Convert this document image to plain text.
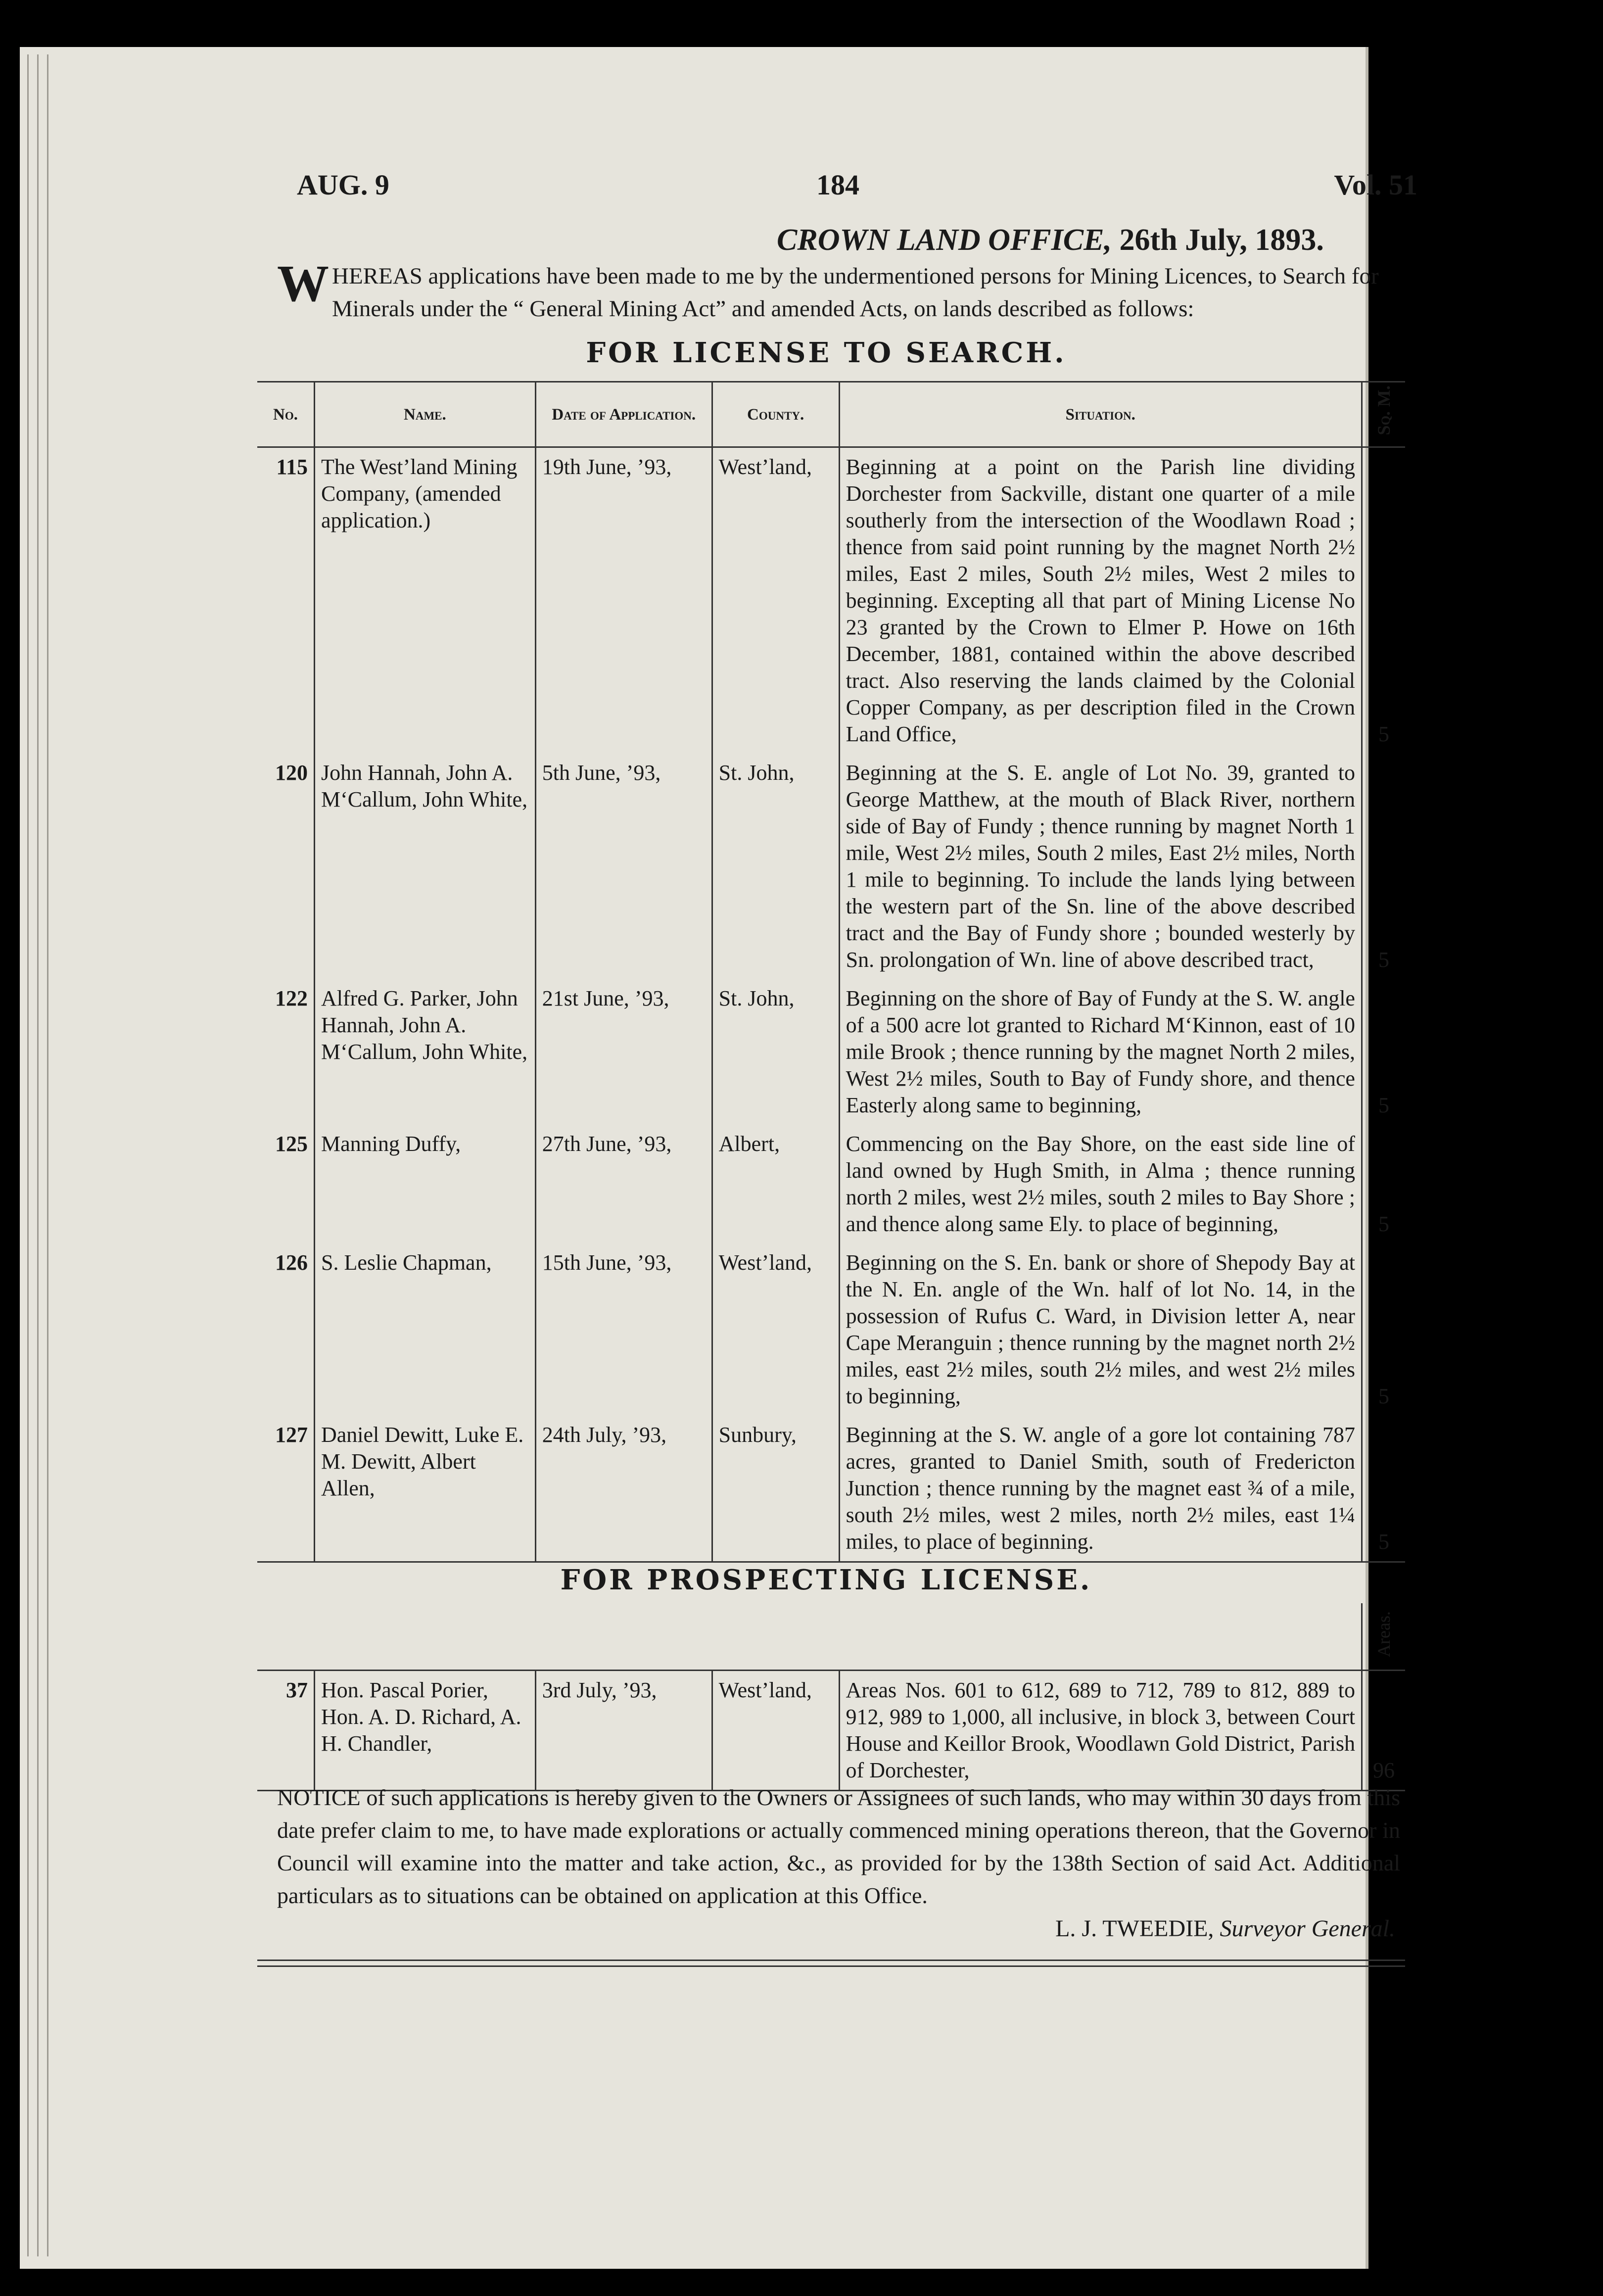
AUG. 9	184	Vol. 51
CROWN LAND OFFICE, 26th July, 1893.
WHEREAS applications have been made to me by the undermentioned persons for Mining Licences, to Search for Minerals under the “ General Mining Act” and amended Acts, on lands described as follows:
FOR LICENSE TO SEARCH.
No.	Name.	Date of Application.	County.	Situation.	Sq. M.
115	The West’land Mining Company, (amended application.)	19th June, ’93,	West’land,	Beginning at a point on the Parish line dividing Dorchester from Sackville, distant one quarter of a mile southerly from the intersection of the Woodlawn Road ; thence from said point running by the magnet North 2½ miles, East 2 miles, South 2½ miles, West 2 miles to beginning. Excepting all that part of Mining License No 23 granted by the Crown to Elmer P. Howe on 16th December, 1881, contained within the above described tract. Also reserving the lands claimed by the Colonial Copper Company, as per description filed in the Crown Land Office,	5
120	John Hannah, John A. M‘Callum, John White,	5th June, ’93,	St. John,	Beginning at the S. E. angle of Lot No. 39, granted to George Matthew, at the mouth of Black River, northern side of Bay of Fundy ; thence running by magnet North 1 mile, West 2½ miles, South 2 miles, East 2½ miles, North 1 mile to beginning. To include the lands lying between the western part of the Sn. line of the above described tract and the Bay of Fundy shore ; bounded westerly by Sn. prolongation of Wn. line of above described tract,	5
122	Alfred G. Parker, John Hannah, John A. M‘Callum, John White,	21st June, ’93,	St. John,	Beginning on the shore of Bay of Fundy at the S. W. angle of a 500 acre lot granted to Richard M‘Kinnon, east of 10 mile Brook ; thence running by the magnet North 2 miles, West 2½ miles, South to Bay of Fundy shore, and thence Easterly along same to beginning,	5
125	Manning Duffy,	27th June, ’93,	Albert,	Commencing on the Bay Shore, on the east side line of land owned by Hugh Smith, in Alma ; thence running north 2 miles, west 2½ miles, south 2 miles to Bay Shore ; and thence along same Ely. to place of beginning,	5
126	S. Leslie Chapman,	15th June, ’93,	West’land,	Beginning on the S. En. bank or shore of Shepody Bay at the N. En. angle of the Wn. half of lot No. 14, in the possession of Rufus C. Ward, in Division letter A, near Cape Meranguin ; thence running by the magnet north 2½ miles, east 2½ miles, south 2½ miles, and west 2½ miles to beginning,	5
127	Daniel Dewitt, Luke E. M. Dewitt, Albert Allen,	24th July, ’93,	Sunbury,	Beginning at the S. W. angle of a gore lot containing 787 acres, granted to Daniel Smith, south of Fredericton Junction ; thence running by the magnet east ¾ of a mile, south 2½ miles, west 2 miles, north 2½ miles, east 1¼ miles, to place of beginning.	5
FOR PROSPECTING LICENSE.
					Areas.
37	Hon. Pascal Porier, Hon. A. D. Richard, A. H. Chandler,	3rd July, ’93,	West’land,	Areas Nos. 601 to 612, 689 to 712, 789 to 812, 889 to 912, 989 to 1,000, all inclusive, in block 3, between Court House and Keillor Brook, Woodlawn Gold District, Parish of Dorchester,	96
NOTICE of such applications is hereby given to the Owners or Assignees of such lands, who may within 30 days from this date prefer claim to me, to have made explorations or actually commenced mining operations thereon, that the Governor in Council will examine into the matter and take action, &c., as provided for by the 138th Section of said Act. Additional particulars as to situations can be obtained on application at this Office.
L. J. TWEEDIE, Surveyor General.
